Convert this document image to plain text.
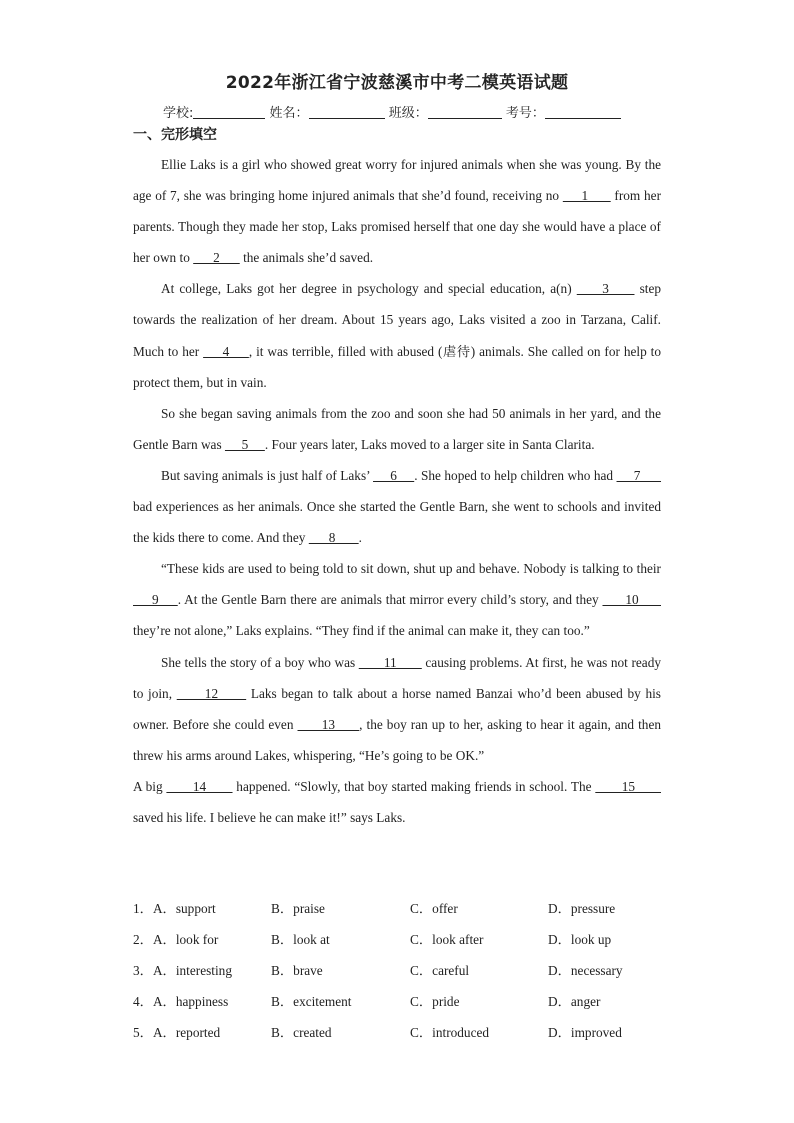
2022年浙江省宁波慈溪市中考二模英语试题
学校:	姓名：	班级：	考号：
一、完形填空

Ellie Laks is a girl who showed great worry for injured animals when she was young. By the age of 7, she was bringing home injured animals that she’d found, receiving no      1       from her parents. Though they made her stop, Laks promised herself that one day she would have a place of her own to       2       the animals she’d saved.

At college, Laks got her degree in psychology and special education, a(n)      3      step towards the realization of her dream. About 15 years ago, Laks visited a zoo in Tarzana, Calif. Much to her      4     , it was terrible, filled with abused (虐待) animals. She called on for help to protect them, but in vain.

So she began saving animals from the zoo and soon she had 50 animals in her yard, and the Gentle Barn was      5     . Four years later, Laks moved to a larger site in Santa Clarita.

But saving animals is just half of Laks’      6     . She hoped to help children who had      7       bad experiences as her animals. Once she started the Gentle Barn, she went to schools and invited the kids there to come. And they       8       .

“These kids are used to being told to sit down, shut up and behave. Nobody is talking to their      9     . At the Gentle Barn there are animals that mirror every child’s story, and they       10       they’re not alone,” Laks explains. “They find if the animal can make it, they can too.”

She tells the story of a boy who was        11        causing problems. At first, he was not ready to join,       12       Laks began to talk about a horse named Banzai who’d been abused by his owner. Before she could even       13      , the boy ran up to her, asking to hear it again, and then threw his arms around Lakes, whispering, “He’s going to be OK.”

A big        14        happened. “Slowly, that boy started making friends in school. The        15        saved his life. I believe he can make it!” says Laks.

1．A．support	B．praise	C．offer	D．pressure
2．A．look for	B．look at	C．look after	D．look up
3．A．interesting	B．brave	C．careful	D．necessary
4．A．happiness	B．excitement	C．pride	D．anger
5．A．reported	B．created	C．introduced	D．improved
